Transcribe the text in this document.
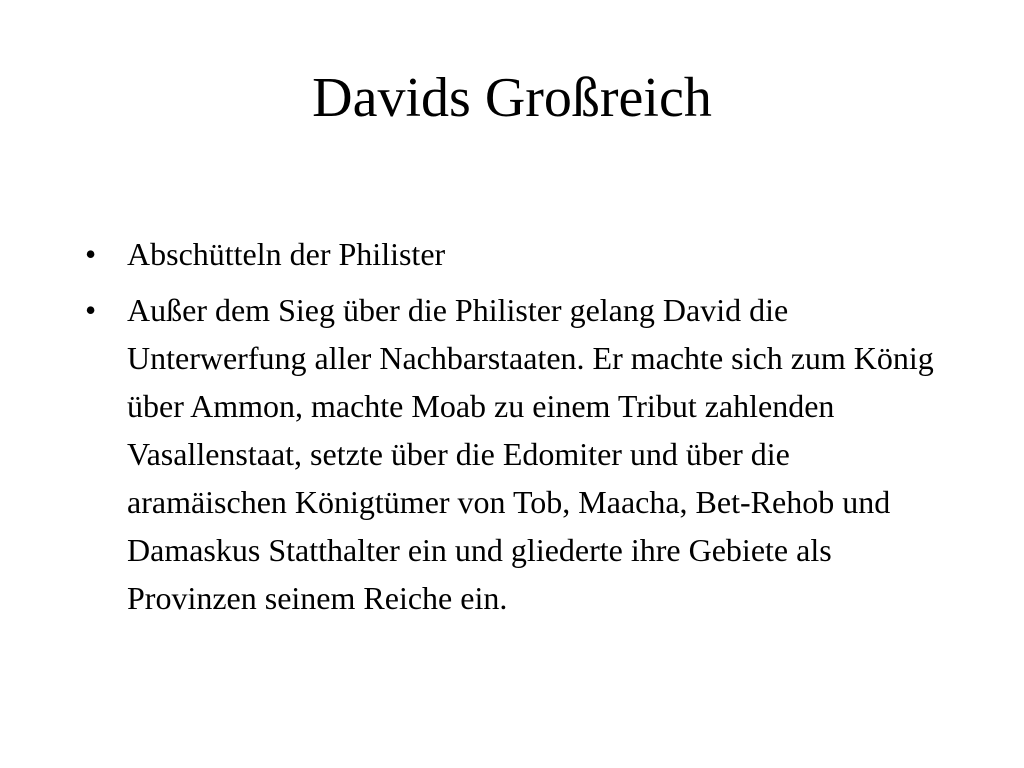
Davids Großreich
• Abschütteln der Philister
• Außer dem Sieg über die Philister gelang David die Unterwerfung aller Nachbarstaaten. Er machte sich zum König über Ammon, machte Moab zu einem Tribut zahlenden Vasallenstaat, setzte über die Edomiter und über die aramäischen Königtümer von Tob, Maacha, Bet-Rehob und Damaskus Statthalter ein und gliederte ihre Gebiete als Provinzen seinem Reiche ein.
